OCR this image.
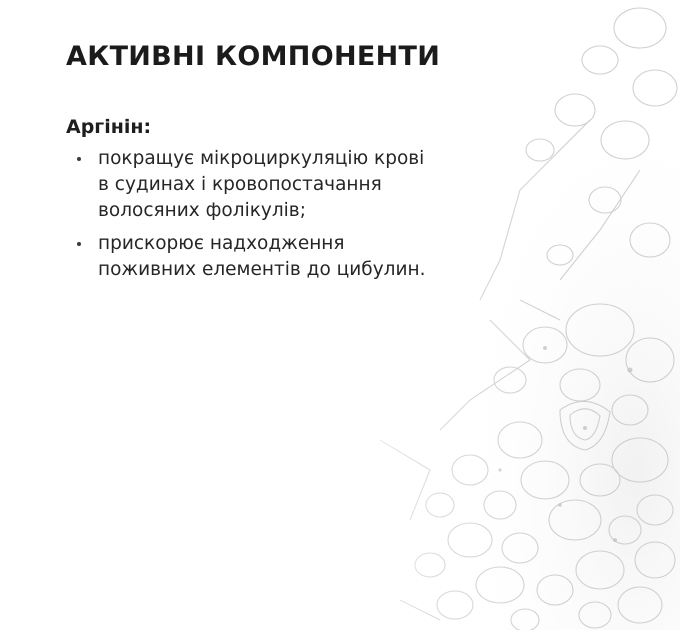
АКТИВНІ КОМПОНЕНТИ
Аргінін:
покращує мікроциркуляцію крові
в судинах і кровопостачання
волосяних фолікулів;
прискорює надходження
поживних елементів до цибулин.
